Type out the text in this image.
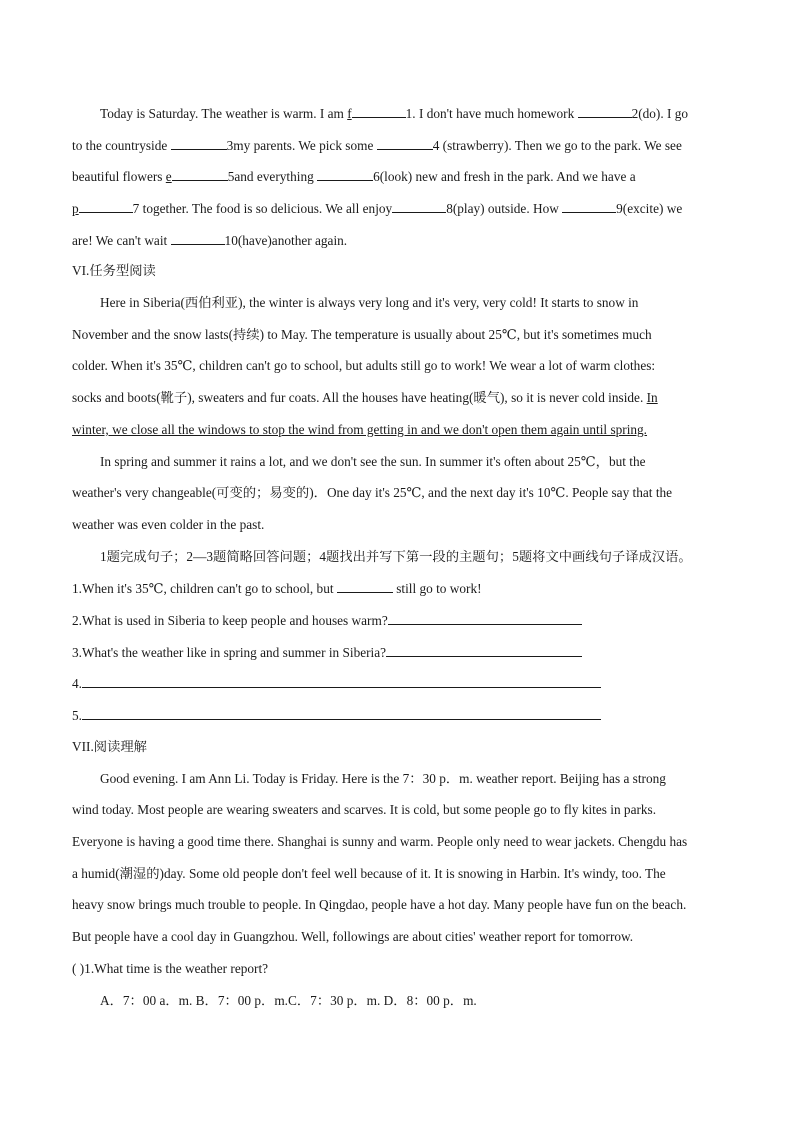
Today is Saturday. The weather is warm. I am f	1. I don't have much homework	2(do). I go
to the countryside	3my parents. We pick some	4 (strawberry). Then we go to the park. We see
beautiful flowers e	5and everything	6(look) new and fresh in the park. And we have a
p	7 together. The food is so delicious. We all enjoy	8(play) outside. How	9(excite) we
are! We can't wait	10(have)another again.
VI.任务型阅读
Here in Siberia(西伯利亚), the winter is always very long and it's very, very cold! It starts to snow in
November and the snow lasts(持续) to May. The temperature is usually about 25℃, but it's sometimes much
colder. When it's 35℃, children can't go to school, but adults still go to work! We wear a lot of warm clothes:
socks and boots(靴子), sweaters and fur coats. All the houses have heating(暖气), so it is never cold inside. In
winter, we close all the windows to stop the wind from getting in and we don't open them again until spring.
In spring and summer it rains a lot, and we don't see the sun. In summer it's often about 25℃，but the
weather's very changeable(可变的；易变的)．One day it's 25℃, and the next day it's 10℃. People say that the
weather was even colder in the past.
1题完成句子；2—3题简略回答问题；4题找出并写下第一段的主题句；5题将文中画线句子译成汉语。
1.When it's 35℃, children can't go to school, but	still go to work!
2.What is used in Siberia to keep people and houses warm?
3.What's the weather like in spring and summer in Siberia?
4.
5.
VII.阅读理解
Good evening. I am Ann Li. Today is Friday. Here is the 7：30 p．m. weather report. Beijing has a strong
wind today. Most people are wearing sweaters and scarves. It is cold, but some people go to fly kites in parks.
Everyone is having a good time there. Shanghai is sunny and warm. People only need to wear jackets. Chengdu has
a humid(潮湿的)day. Some old people don't feel well because of it. It is snowing in Harbin. It's windy, too. The
heavy snow brings much trouble to people. In Qingdao, people have a hot day. Many people have fun on the beach.
But people have a cool day in Guangzhou. Well, followings are about cities' weather report for tomorrow.
( )1.What time is the weather report?
A．7：00 a．m. B．7：00 p．m.C．7：30 p．m. D．8：00 p．m.
